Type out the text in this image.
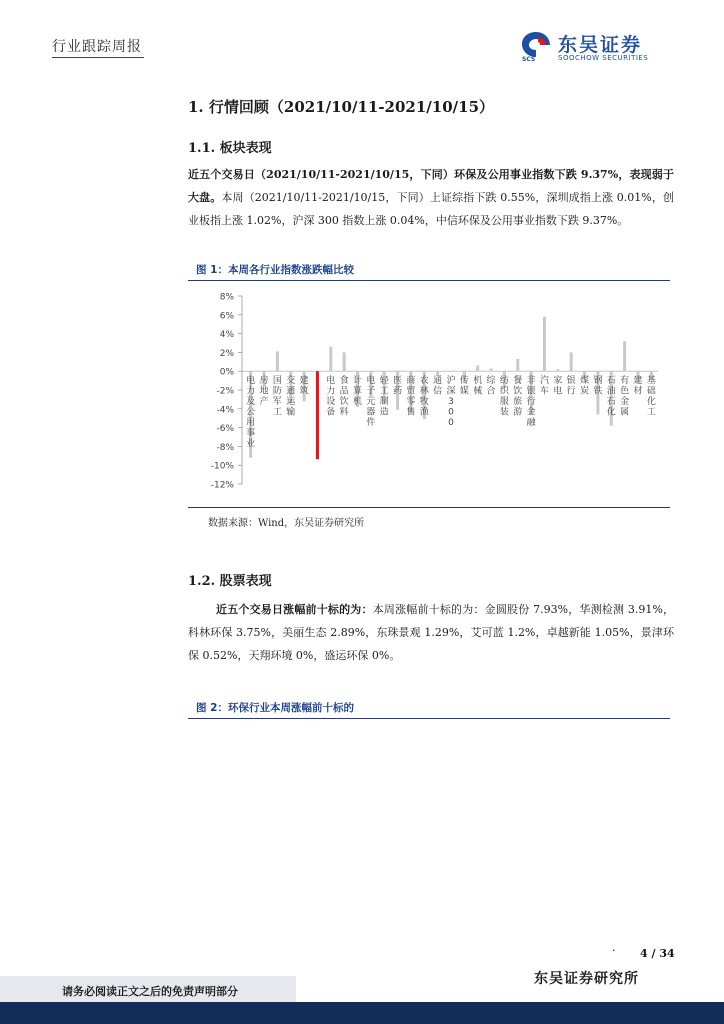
行业跟踪周报	东吴证券
SOOCHOW SECURITIES
SCS
1. 行情回顾（2021/10/11-2021/10/15）
1.1. 板块表现
近五个交易日（2021/10/11-2021/10/15，下同）环保及公用事业指数下跌 9.37%，表现弱于大盘。本周（2021/10/11-2021/10/15，下同）上证综指下跌 0.55%，深圳成指上涨 0.01%，创业板指上涨 1.02%，沪深 300 指数上涨 0.04%，中信环保及公用事业指数下跌 9.37%。
图 1：本周各行业指数涨跌幅比较
8%
6%
4%
2%
0%
-2%
-4%
-6%
-8%
-10%
-12%
电力及公用事业
房地产
国防军工
交通运输
建筑
电力设备
食品饮料
计算机
电子元器件
轻工制造
医药
商贸零售
农林牧渔
通信
沪深 3 0 0
传媒
机械
综合
纺织服装
餐饮旅游
非银行金融
汽车
家电
银行
煤炭
钢铁
石油石化
有色金属
建材
基础化工
数据来源：Wind，东吴证券研究所
1.2. 股票表现
近五个交易日涨幅前十标的为：本周涨幅前十标的为：金圆股份 7.93%，华测检测 3.91%，科林环保 3.75%，美丽生态 2.89%，东珠景观 1.29%，艾可蓝 1.2%，卓越新能 1.05%，景津环保 0.52%，天翔环境 0%，盛运环保 0%。
图 2：环保行业本周涨幅前十标的
· 4 / 34
东吴证券研究所
请务必阅读正文之后的免责声明部分
